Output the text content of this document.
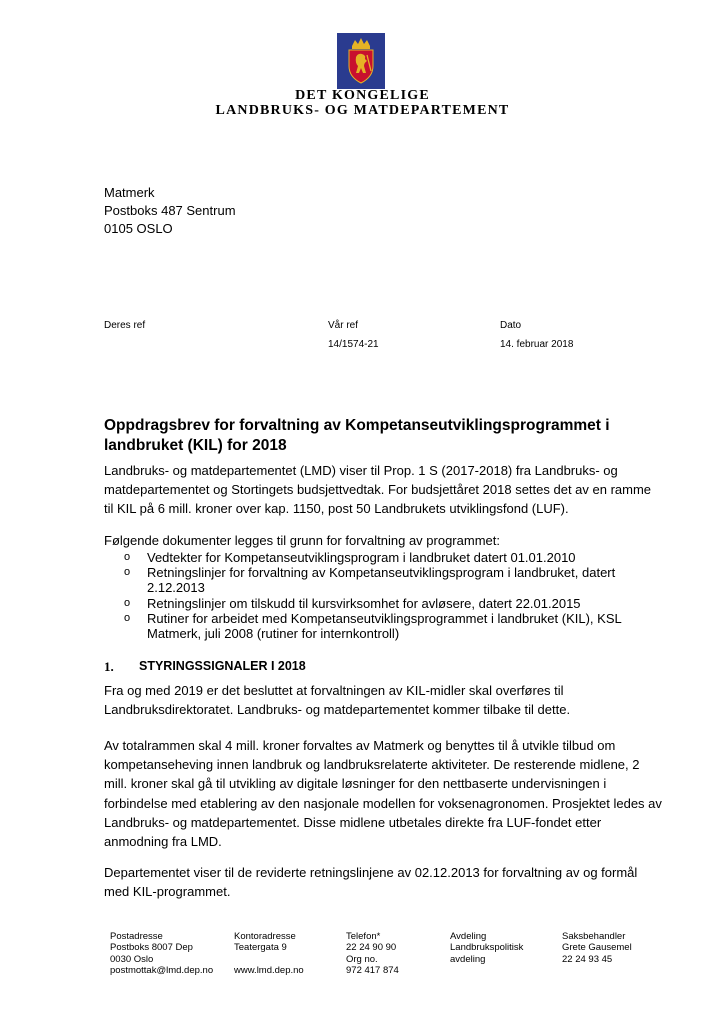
DET KONGELIGE
LANDBRUKS- OG MATDEPARTEMENT
Matmerk
Postboks 487 Sentrum
0105 OSLO
Deres ref	Vår ref
14/1574-21
Dato
14. februar 2018
Oppdragsbrev for forvaltning av Kompetanseutviklingsprogrammet i
landbruket (KIL) for 2018
Landbruks- og matdepartementet (LMD) viser til Prop. 1 S (2017-2018) fra Landbruks- og matdepartementet og Stortingets budsjettvedtak. For budsjettåret 2018 settes det av en ramme til KIL på 6 mill. kroner over kap. 1150, post 50 Landbrukets utviklingsfond (LUF).
Følgende dokumenter legges til grunn for forvaltning av programmet:
o Vedtekter for Kompetanseutviklingsprogram i landbruket datert 01.01.2010
o Retningslinjer for forvaltning av Kompetanseutviklingsprogram i landbruket, datert 2.12.2013
o Retningslinjer om tilskudd til kursvirksomhet for avløsere, datert 22.01.2015
o Rutiner for arbeidet med Kompetanseutviklingsprogrammet i landbruket (KIL), KSL Matmerk, juli 2008 (rutiner for internkontroll)
1. STYRINGSSIGNALER I 2018
Fra og med 2019 er det besluttet at forvaltningen av KIL-midler skal overføres til Landbruksdirektoratet. Landbruks- og matdepartementet kommer tilbake til dette.
Av totalrammen skal 4 mill. kroner forvaltes av Matmerk og benyttes til å utvikle tilbud om kompetanseheving innen landbruk og landbruksrelaterte aktiviteter. De resterende midlene, 2 mill. kroner skal gå til utvikling av digitale løsninger for den nettbaserte undervisningen i forbindelse med etablering av den nasjonale modellen for voksenagronomen. Prosjektet ledes av Landbruks- og matdepartementet. Disse midlene utbetales direkte fra LUF-fondet etter anmodning fra LMD.
Departementet viser til de reviderte retningslinjene av 02.12.2013 for forvaltning av og formål med KIL-programmet.
Postadresse
Postboks 8007 Dep
0030 Oslo
postmottak@lmd.dep.no
Kontoradresse
Teatergata 9

www.lmd.dep.no
Telefon*
22 24 90 90
Org no.
972 417 874
Avdeling
Landbrukspolitisk
avdeling
Saksbehandler
Grete Gausemel
22 24 93 45
